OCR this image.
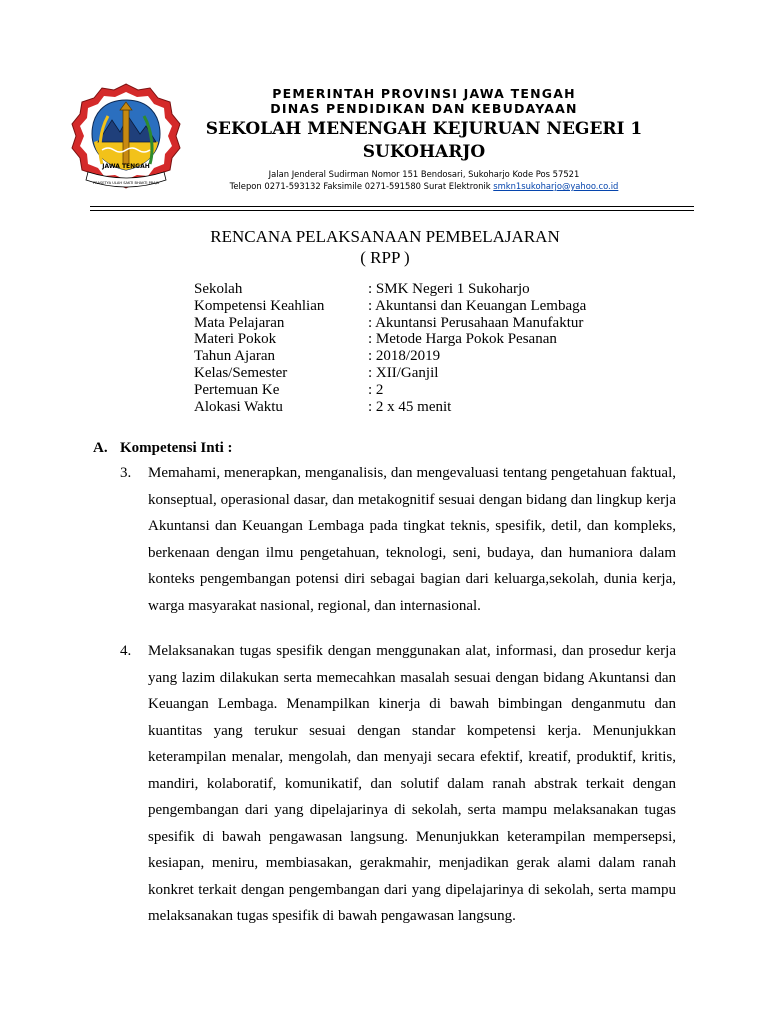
JAWA TENGAH
PRASETYA ULAH SAKTI BHAKTI PRAJA
PEMERINTAH PROVINSI JAWA TENGAH
DINAS PENDIDIKAN DAN KEBUDAYAAN
SEKOLAH MENENGAH KEJURUAN NEGERI 1
SUKOHARJO
Jalan Jenderal Sudirman Nomor 151 Bendosari, Sukoharjo Kode Pos 57521
Telepon 0271-593132 Faksimile 0271-591580 Surat Elektronik smkn1sukoharjo@yahoo.co.id
RENCANA PELAKSANAAN PEMBELAJARAN
( RPP )
Sekolah	: SMK Negeri 1 Sukoharjo
Kompetensi Keahlian	: Akuntansi dan Keuangan Lembaga
Mata Pelajaran	: Akuntansi Perusahaan Manufaktur
Materi Pokok	: Metode Harga Pokok Pesanan
Tahun Ajaran	: 2018/2019
Kelas/Semester	: XII/Ganjil
Pertemuan Ke	: 2
Alokasi Waktu	: 2 x 45 menit
A. Kompetensi Inti :
3. Memahami, menerapkan, menganalisis, dan mengevaluasi tentang pengetahuan faktual, konseptual, operasional dasar, dan metakognitif sesuai dengan bidang dan lingkup kerja Akuntansi dan Keuangan Lembaga pada tingkat teknis, spesifik, detil, dan kompleks, berkenaan dengan ilmu pengetahuan, teknologi, seni, budaya, dan humaniora dalam konteks pengembangan potensi diri sebagai bagian dari keluarga,sekolah, dunia kerja, warga masyarakat nasional, regional, dan internasional.
4. Melaksanakan tugas spesifik dengan menggunakan alat, informasi, dan prosedur kerja yang lazim dilakukan serta memecahkan masalah sesuai dengan bidang Akuntansi dan Keuangan Lembaga. Menampilkan kinerja di bawah bimbingan denganmutu dan kuantitas yang terukur sesuai dengan standar kompetensi kerja. Menunjukkan keterampilan menalar, mengolah, dan menyaji secara efektif, kreatif, produktif, kritis, mandiri, kolaboratif, komunikatif, dan solutif dalam ranah abstrak terkait dengan pengembangan dari yang dipelajarinya di sekolah, serta mampu melaksanakan tugas spesifik di bawah pengawasan langsung. Menunjukkan keterampilan mempersepsi, kesiapan, meniru, membiasakan, gerakmahir, menjadikan gerak alami dalam ranah konkret terkait dengan pengembangan dari yang dipelajarinya di sekolah, serta mampu melaksanakan tugas spesifik di bawah pengawasan langsung.
